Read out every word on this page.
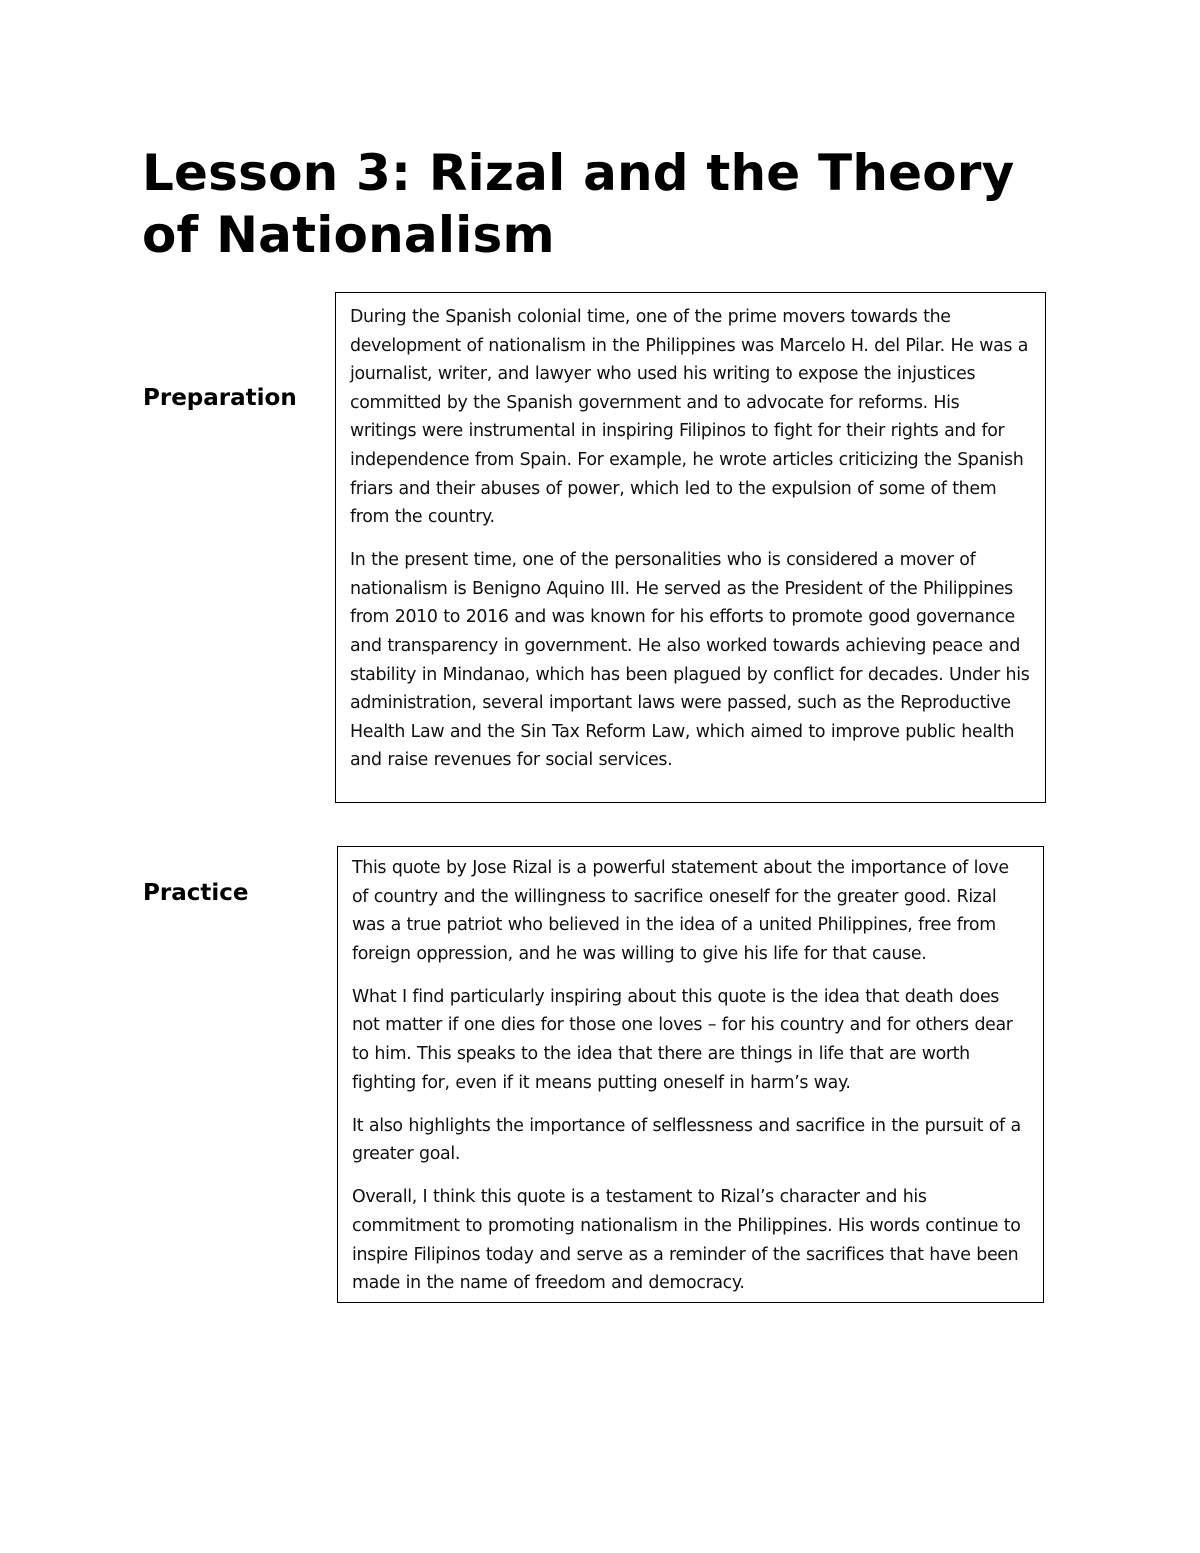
Lesson 3: Rizal and the Theory of Nationalism
Preparation

During the Spanish colonial time, one of the prime movers towards the development of nationalism in the Philippines was Marcelo H. del Pilar. He was a journalist, writer, and lawyer who used his writing to expose the injustices committed by the Spanish government and to advocate for reforms. His writings were instrumental in inspiring Filipinos to fight for their rights and for independence from Spain. For example, he wrote articles criticizing the Spanish friars and their abuses of power, which led to the expulsion of some of them from the country.

In the present time, one of the personalities who is considered a mover of nationalism is Benigno Aquino III. He served as the President of the Philippines from 2010 to 2016 and was known for his efforts to promote good governance and transparency in government. He also worked towards achieving peace and stability in Mindanao, which has been plagued by conflict for decades. Under his administration, several important laws were passed, such as the Reproductive Health Law and the Sin Tax Reform Law, which aimed to improve public health and raise revenues for social services.

Practice

This quote by Jose Rizal is a powerful statement about the importance of love of country and the willingness to sacrifice oneself for the greater good. Rizal was a true patriot who believed in the idea of a united Philippines, free from foreign oppression, and he was willing to give his life for that cause.

What I find particularly inspiring about this quote is the idea that death does not matter if one dies for those one loves – for his country and for others dear to him. This speaks to the idea that there are things in life that are worth fighting for, even if it means putting oneself in harm’s way.

It also highlights the importance of selflessness and sacrifice in the pursuit of a greater goal.

Overall, I think this quote is a testament to Rizal’s character and his commitment to promoting nationalism in the Philippines. His words continue to inspire Filipinos today and serve as a reminder of the sacrifices that have been made in the name of freedom and democracy.
